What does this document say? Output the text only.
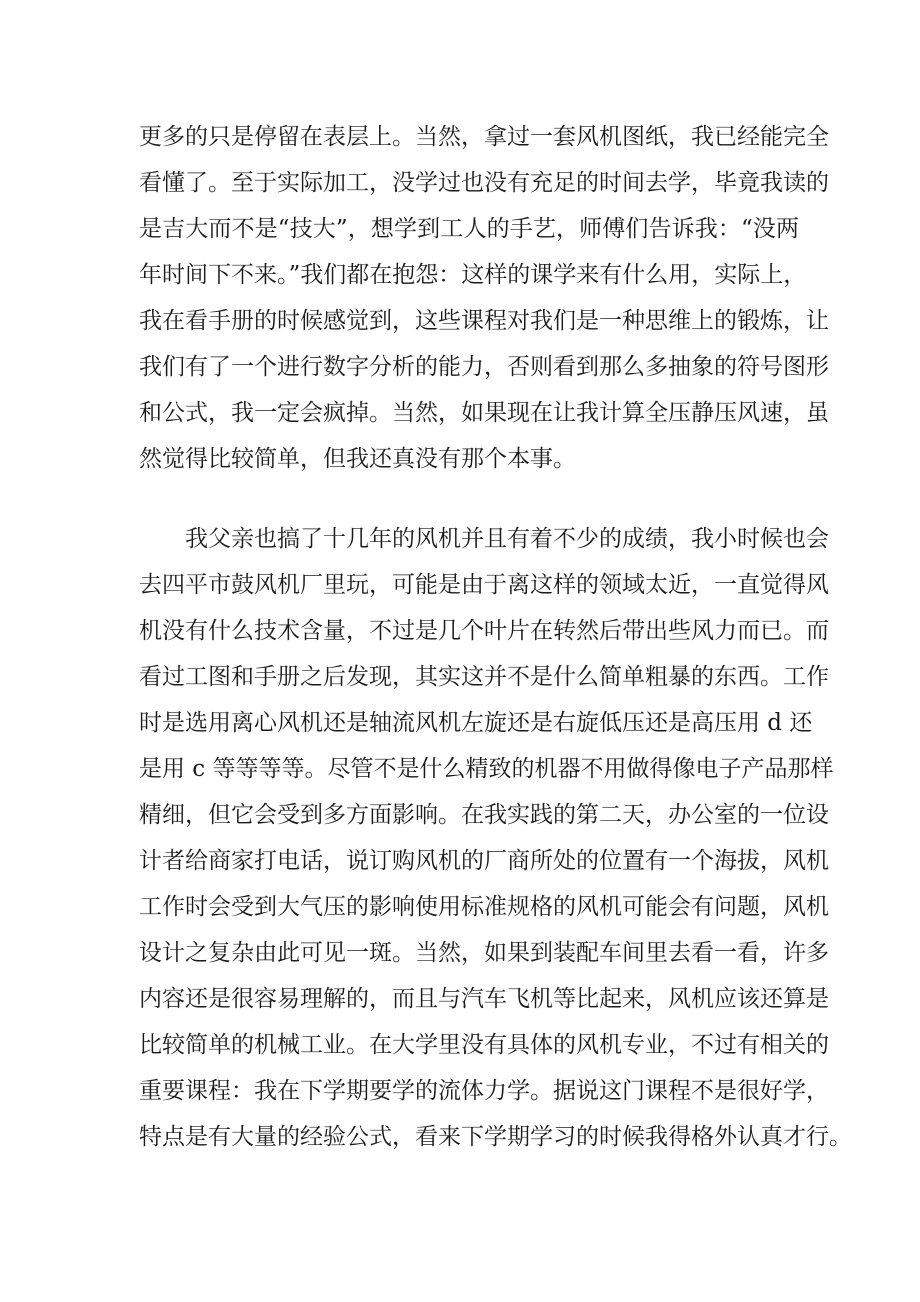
更多的只是停留在表层上。当然，拿过一套风机图纸，我已经能完全
看懂了。至于实际加工，没学过也没有充足的时间去学，毕竟我读的
是吉大而不是“技大”，想学到工人的手艺，师傅们告诉我：“没两
年时间下不来。”我们都在抱怨：这样的课学来有什么用，实际上，
我在看手册的时候感觉到，这些课程对我们是一种思维上的锻炼，让
我们有了一个进行数字分析的能力，否则看到那么多抽象的符号图形
和公式，我一定会疯掉。当然，如果现在让我计算全压静压风速，虽
然觉得比较简单，但我还真没有那个本事。
我父亲也搞了十几年的风机并且有着不少的成绩，我小时候也会
去四平市鼓风机厂里玩，可能是由于离这样的领域太近，一直觉得风
机没有什么技术含量，不过是几个叶片在转然后带出些风力而已。而
看过工图和手册之后发现，其实这并不是什么简单粗暴的东西。工作
时是选用离心风机还是轴流风机左旋还是右旋低压还是高压用 d 还
是用 c 等等等等。尽管不是什么精致的机器不用做得像电子产品那样
精细，但它会受到多方面影响。在我实践的第二天，办公室的一位设
计者给商家打电话，说订购风机的厂商所处的位置有一个海拔，风机
工作时会受到大气压的影响使用标准规格的风机可能会有问题，风机
设计之复杂由此可见一斑。当然，如果到装配车间里去看一看，许多
内容还是很容易理解的，而且与汽车飞机等比起来，风机应该还算是
比较简单的机械工业。在大学里没有具体的风机专业，不过有相关的
重要课程：我在下学期要学的流体力学。据说这门课程不是很好学，
特点是有大量的经验公式，看来下学期学习的时候我得格外认真才行。
